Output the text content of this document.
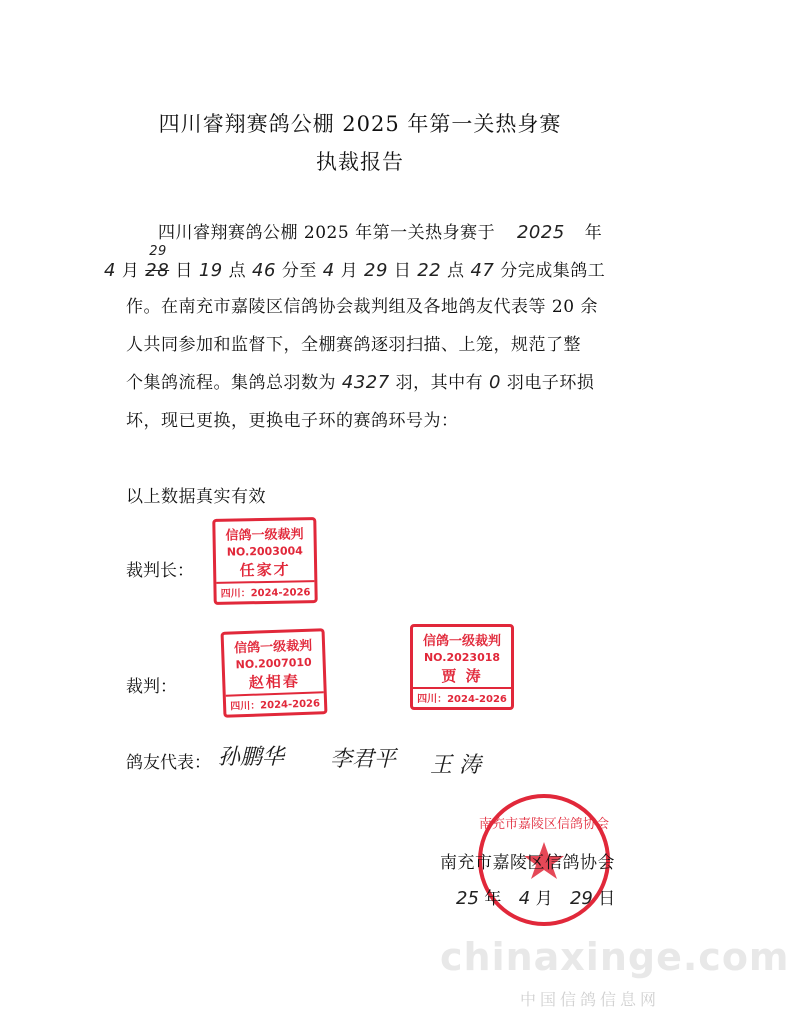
四川睿翔赛鸽公棚 2025 年第一关热身赛
执裁报告
四川睿翔赛鸽公棚 2025 年第一关热身赛于 2025 年
4 月 28
29
日 19 点 46 分至 4 月 29 日 22 点 47 分完成集鸽工
作。在南充市嘉陵区信鸽协会裁判组及各地鸽友代表等 20 余
人共同参加和监督下，全棚赛鸽逐羽扫描、上笼，规范了整
个集鸽流程。集鸽总羽数为 4327 羽，其中有 0 羽电子环损
坏，现已更换，更换电子环的赛鸽环号为：
以上数据真实有效
裁判长：
信鸽一级裁判
NO.2003004
任家才
四川：2024-2026
裁判：
信鸽一级裁判
NO.2007010
赵相春
四川：2024-2026
信鸽一级裁判
NO.2023018
贾 涛
四川：2024-2026
鸽友代表： 孙鹏华 李君平 王 涛
南充市嘉陵区信鸽协会
南充市嘉陵区信鸽协会
25 年 4 月 29 日
chinaxinge.com
中国信鸽信息网
